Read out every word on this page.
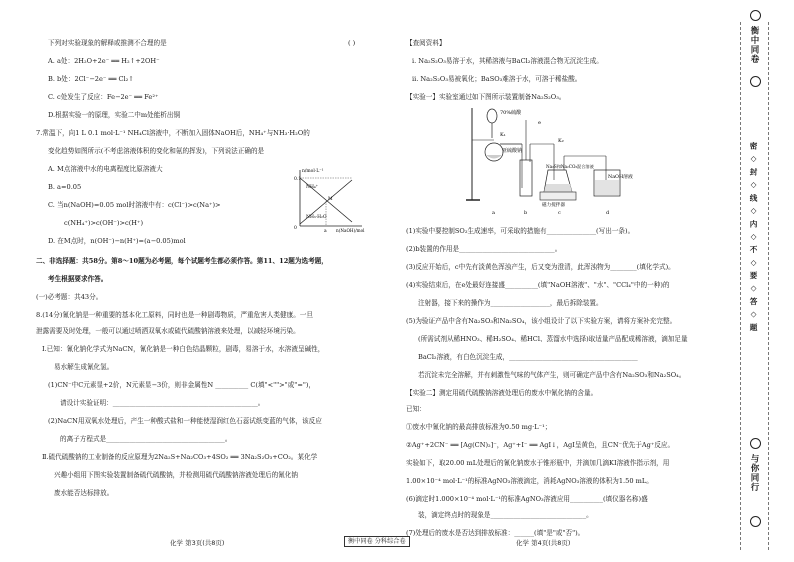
下列对实验现象的解释或推测不合理的是	( )
A. a处：2H₂O+2e⁻ ══ H₂↑+2OH⁻
B. b处：2Cl⁻−2e⁻ ══ Cl₂↑
C. c处发生了反应：Fe−2e⁻ ══ Fe²⁺
D.根据实验一的原理，实验二中m处能析出铜
7.常温下，向1 L 0.1 mol·L⁻¹ NH₄Cl溶液中，不断加入固体NaOH后，NH₄⁺与NH₃·H₂O的
变化趋势如图所示(不考虑溶液体积的变化和氨的挥发)，下列说法正确的是
A. M点溶液中水的电离程度比原溶液大
B. a=0.05
C. 当n(NaOH)=0.05 mol时溶液中有：c(Cl⁻)>c(Na⁺)>
c(NH₄⁺)>c(OH⁻)>c(H⁺)
D. 在M点时，n(OH⁻)−n(H⁺)=(a−0.05)mol
二、非选择题：共58分。第8～10题为必考题，每个试题考生都必须作答。第11、12题为选考题，
考生根据要求作答。
(一)必考题：共43分。
8.(14分)氰化钠是一种重要的基本化工原料，同时也是一种剧毒物质，严重危害人类健康。一旦
泄露需要及时处理，一般可以通过喷洒双氧水或硫代硫酸钠溶液来处理，以减轻环境污染。
Ⅰ.已知：氰化钠化学式为NaCN，氰化钠是一种白色结晶颗粒，剧毒，易溶于水，水溶液呈碱性，
易水解生成氰化氢。
(1)CN⁻中C元素显+2价，N元素显−3价，则非金属性N __________ C(填"<"">"或"=")，
请设计实验证明：____________________________________________。
(2)NaCN用双氧水处理后，产生一种酸式盐和一种能使湿润红色石蕊试纸变蓝的气体，该反应
的离子方程式是____________________________________。
Ⅱ.硫代硫酸钠的工业制备的反应原理为2Na₂S+Na₂CO₃+4SO₂ ══ 3Na₂S₂O₃+CO₂。某化学
兴趣小组用下图实验装置制备硫代硫酸钠，并检测用硫代硫酸钠溶液处理后的氰化钠
废水能否达标排放。
n/mol·L⁻¹
0.1
0
a n(NaOH)/mol
NH₄⁺
NH₃·H₂O
M
化学 第3页(共8页)	衡中同卷 分科综合卷
【查阅资料】
ⅰ. Na₂S₂O₃易溶于水，其稀溶液与BaCl₂溶液混合物无沉淀生成。
ⅱ. Na₂S₂O₃易被氧化；BaSO₃难溶于水，可溶于稀盐酸。
【实验一】实验室通过如下图所示装置制备Na₂S₂O₃。
(1)实验中要控制SO₂生成速率，可采取的措施有_______________(写出一条)。
(2)b装置的作用是_____________________________。
(3)反应开始后，c中先有淡黄色浑浊产生，后又变为澄清，此浑浊物为________(填化学式)。
(4)实验结束后，在e处最好连接盛__________(填"NaOH溶液"、"水"、"CCl₄"中的一种)的
注射器，接下来的操作为__________________，最后拆除装置。
(5)为验证产品中含有Na₂SO₃和Na₂SO₄，该小组设计了以下实验方案，请将方案补充完整。
(所需试剂从稀HNO₃、稀H₂SO₄、稀HCl、蒸馏水中选择)取适量产品配成稀溶液，滴加足量
BaCl₂溶液，有白色沉淀生成，_______________________________________
若沉淀未完全溶解，并有刺激性气味的气体产生，则可确定产品中含有Na₂SO₃和Na₂SO₄。
【实验二】测定用硫代硫酸钠溶液处理后的废水中氰化钠的含量。
已知：
①废水中氰化钠的最高排放标准为0.50 mg·L⁻¹；
②Ag⁺+2CN⁻ ══ [Ag(CN)₂]⁻，Ag⁺+I⁻ ══ AgI↓，AgI呈黄色，且CN⁻优先于Ag⁺反应。
实验如下，取20.00 mL处理后的氰化钠废水于锥形瓶中，并滴加几滴KI溶液作指示剂，用
1.00×10⁻⁴ mol·L⁻¹的标准AgNO₃溶液滴定，消耗AgNO₃溶液的体积为1.50 mL。
(6)滴定时1.000×10⁻⁴ mol·L⁻¹的标准AgNO₃溶液应用__________(填仪器名称)盛
装，滴定终点时的现象是_____________________________。
(7)处理后的废水是否达到排放标准：______(填"是"或"否")。
70%硫酸
亚硫酸钠
K₁
K₂
e
Na₂S和Na₂CO₃混合溶液
NaOH溶液
磁力搅拌器
a	b	c	d
化学 第4页(共8页)
衡中同卷
密 ◇ 封 ◇ 线 ◇ 内 ◇ 不 ◇ 要 ◇ 答 ◇ 题
与你同行
